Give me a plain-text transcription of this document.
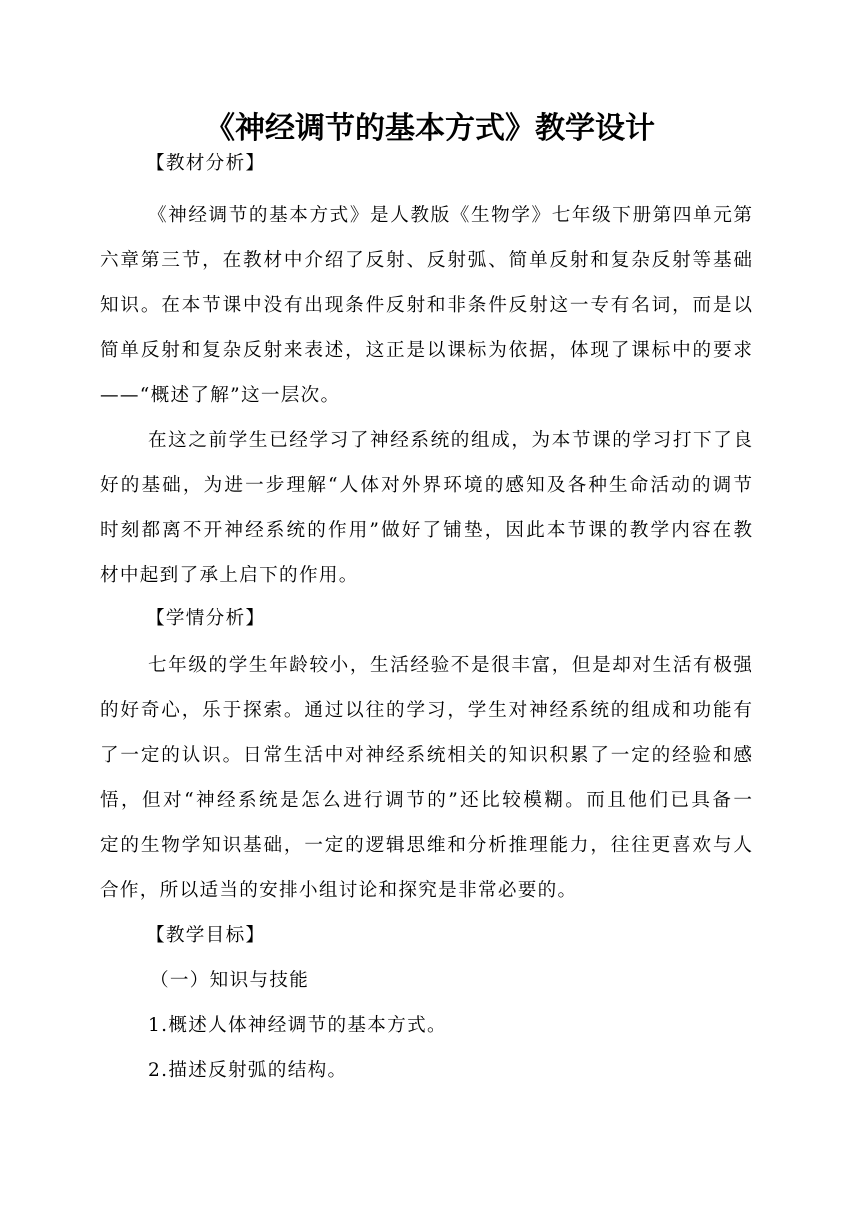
《神经调节的基本方式》教学设计
【教材分析】
《神经调节的基本方式》是人教版《生物学》七年级下册第四单元第
六章第三节，在教材中介绍了反射、反射弧、简单反射和复杂反射等基础
知识。在本节课中没有出现条件反射和非条件反射这一专有名词，而是以
简单反射和复杂反射来表述，这正是以课标为依据，体现了课标中的要求
——“概述了解”这一层次。
在这之前学生已经学习了神经系统的组成，为本节课的学习打下了良
好的基础，为进一步理解“人体对外界环境的感知及各种生命活动的调节
时刻都离不开神经系统的作用”做好了铺垫，因此本节课的教学内容在教
材中起到了承上启下的作用。
【学情分析】
七年级的学生年龄较小，生活经验不是很丰富，但是却对生活有极强
的好奇心，乐于探索。通过以往的学习，学生对神经系统的组成和功能有
了一定的认识。日常生活中对神经系统相关的知识积累了一定的经验和感
悟，但对“神经系统是怎么进行调节的”还比较模糊。而且他们已具备一
定的生物学知识基础，一定的逻辑思维和分析推理能力，往往更喜欢与人
合作，所以适当的安排小组讨论和探究是非常必要的。
【教学目标】
（一）知识与技能
1.概述人体神经调节的基本方式。
2.描述反射弧的结构。
